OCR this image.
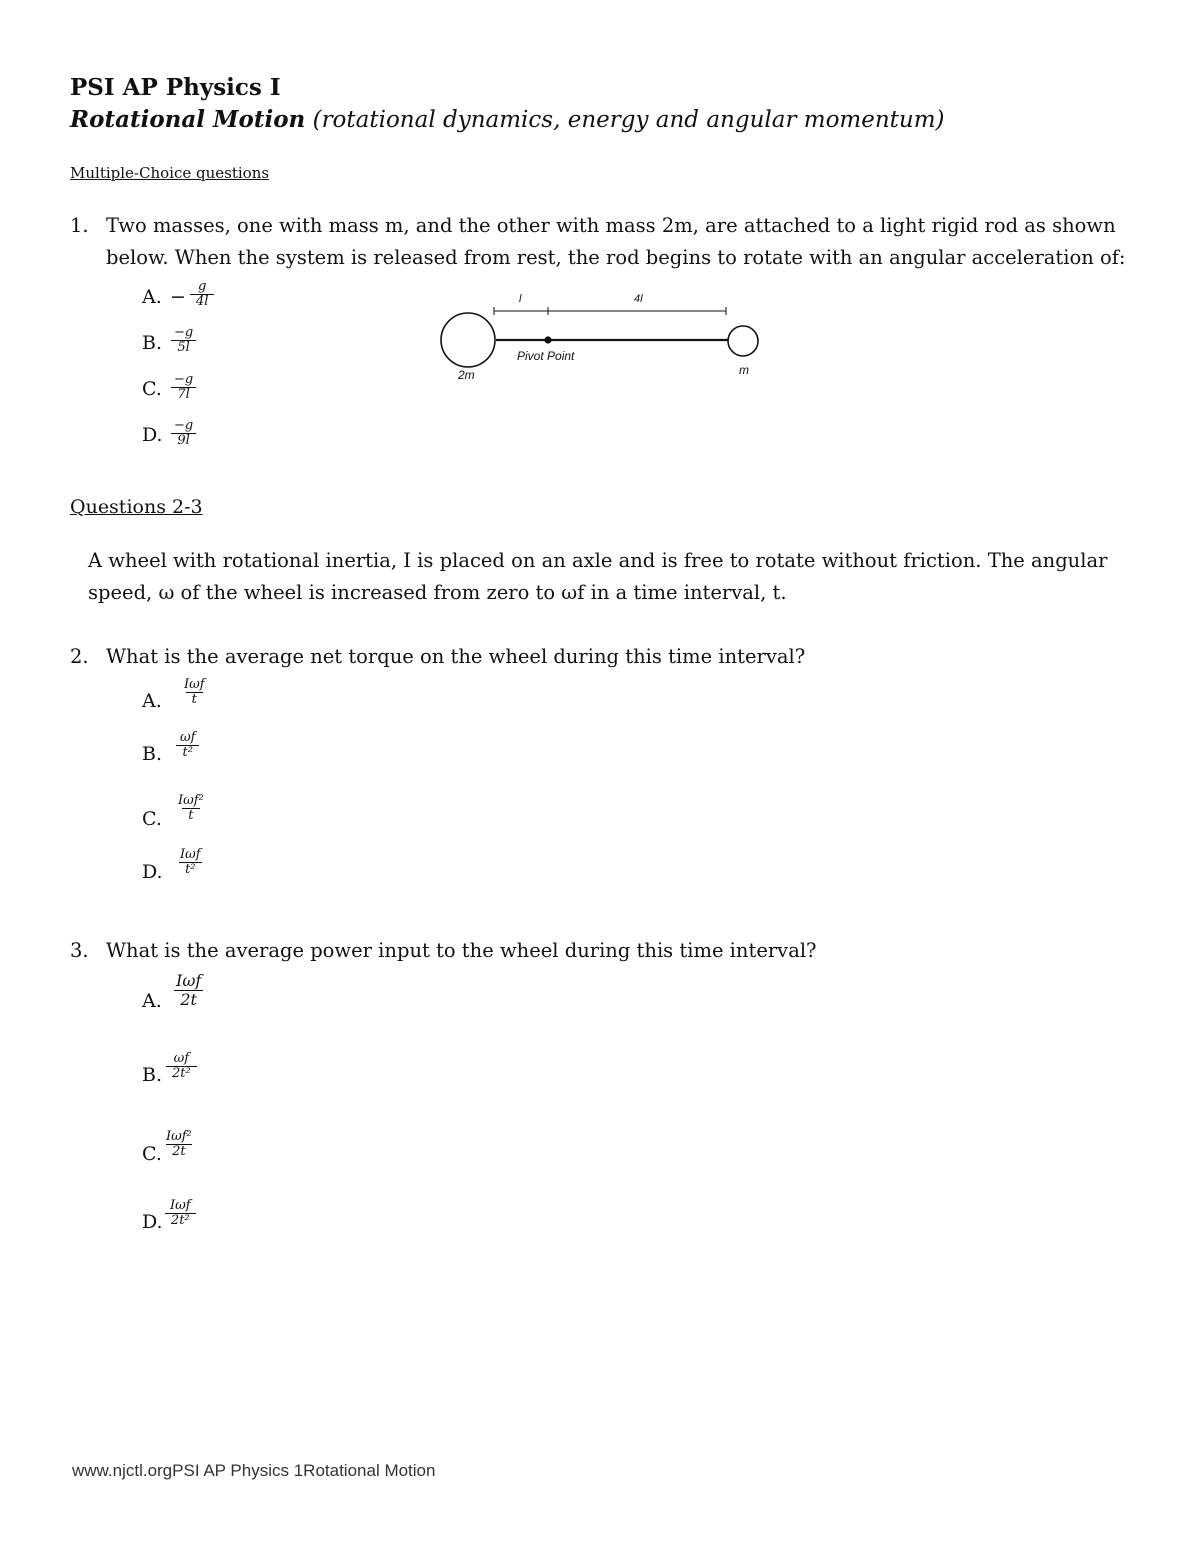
PSI AP Physics I
Rotational Motion (rotational dynamics, energy and angular momentum)
Multiple-Choice questions
1. Two masses, one with mass m, and the other with mass 2m, are attached to a light rigid rod as shown
below. When the system is released from rest, the rod begins to rotate with an angular acceleration of:
A. − $\frac{g}{4l}$
B. $\frac{-g}{5l}$
C. $\frac{-g}{7l}$
D. $\frac{-g}{9l}$
l	4l
Pivot Point
2m	m
Questions 2-3
A wheel with rotational inertia, I is placed on an axle and is free to rotate without friction. The angular
speed, ω of the wheel is increased from zero to ωf in a time interval, t.
2. What is the average net torque on the wheel during this time interval?
A.
Iωf
t
B. $\frac{\omega f}{\text{t²}}$
C.
Iωf²
t
D.
Iωf
t²
3. What is the average power input to the wheel during this time interval?
A.
Iωf
2t
B. $\frac{\omega f}{\text{2t²}}$
C.
Iωf²
2t
D.
Iωf
2t²
www.njctl.orgPSI AP Physics 1Rotational Motion
